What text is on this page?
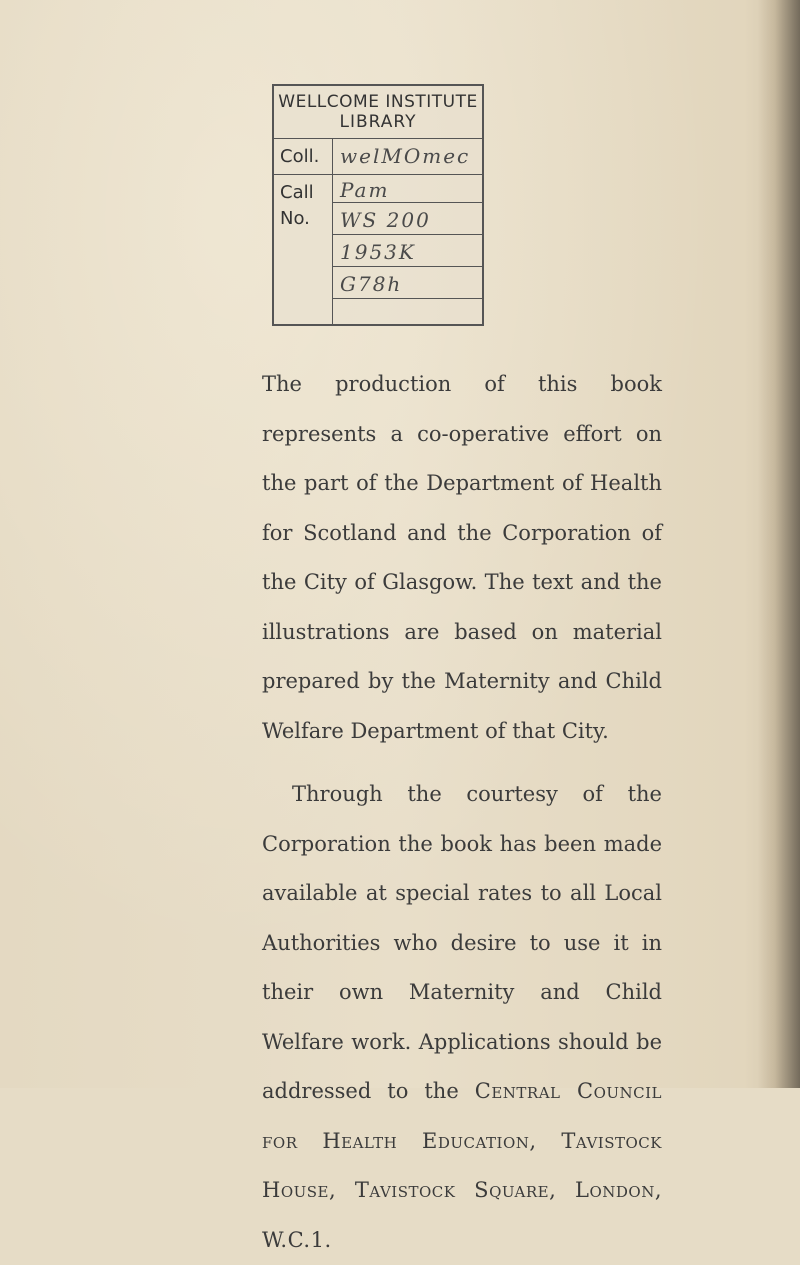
WELLCOME INSTITUTE
LIBRARY
Coll. welMOmec
Call
No.
Pam
WS 200
1953K
G78h

The production of this book represents a co-operative effort on the part of the Department of Health for Scotland and the Corporation of the City of Glasgow. The text and the illustrations are based on material prepared by the Maternity and Child Welfare Department of that City.

Through the courtesy of the Corporation the book has been made available at special rates to all Local Authorities who desire to use it in their own Maternity and Child Welfare work. Applications should be addressed to the Central Council for Health Education, Tavistock House, Tavistock Square, London, W.C.1.
